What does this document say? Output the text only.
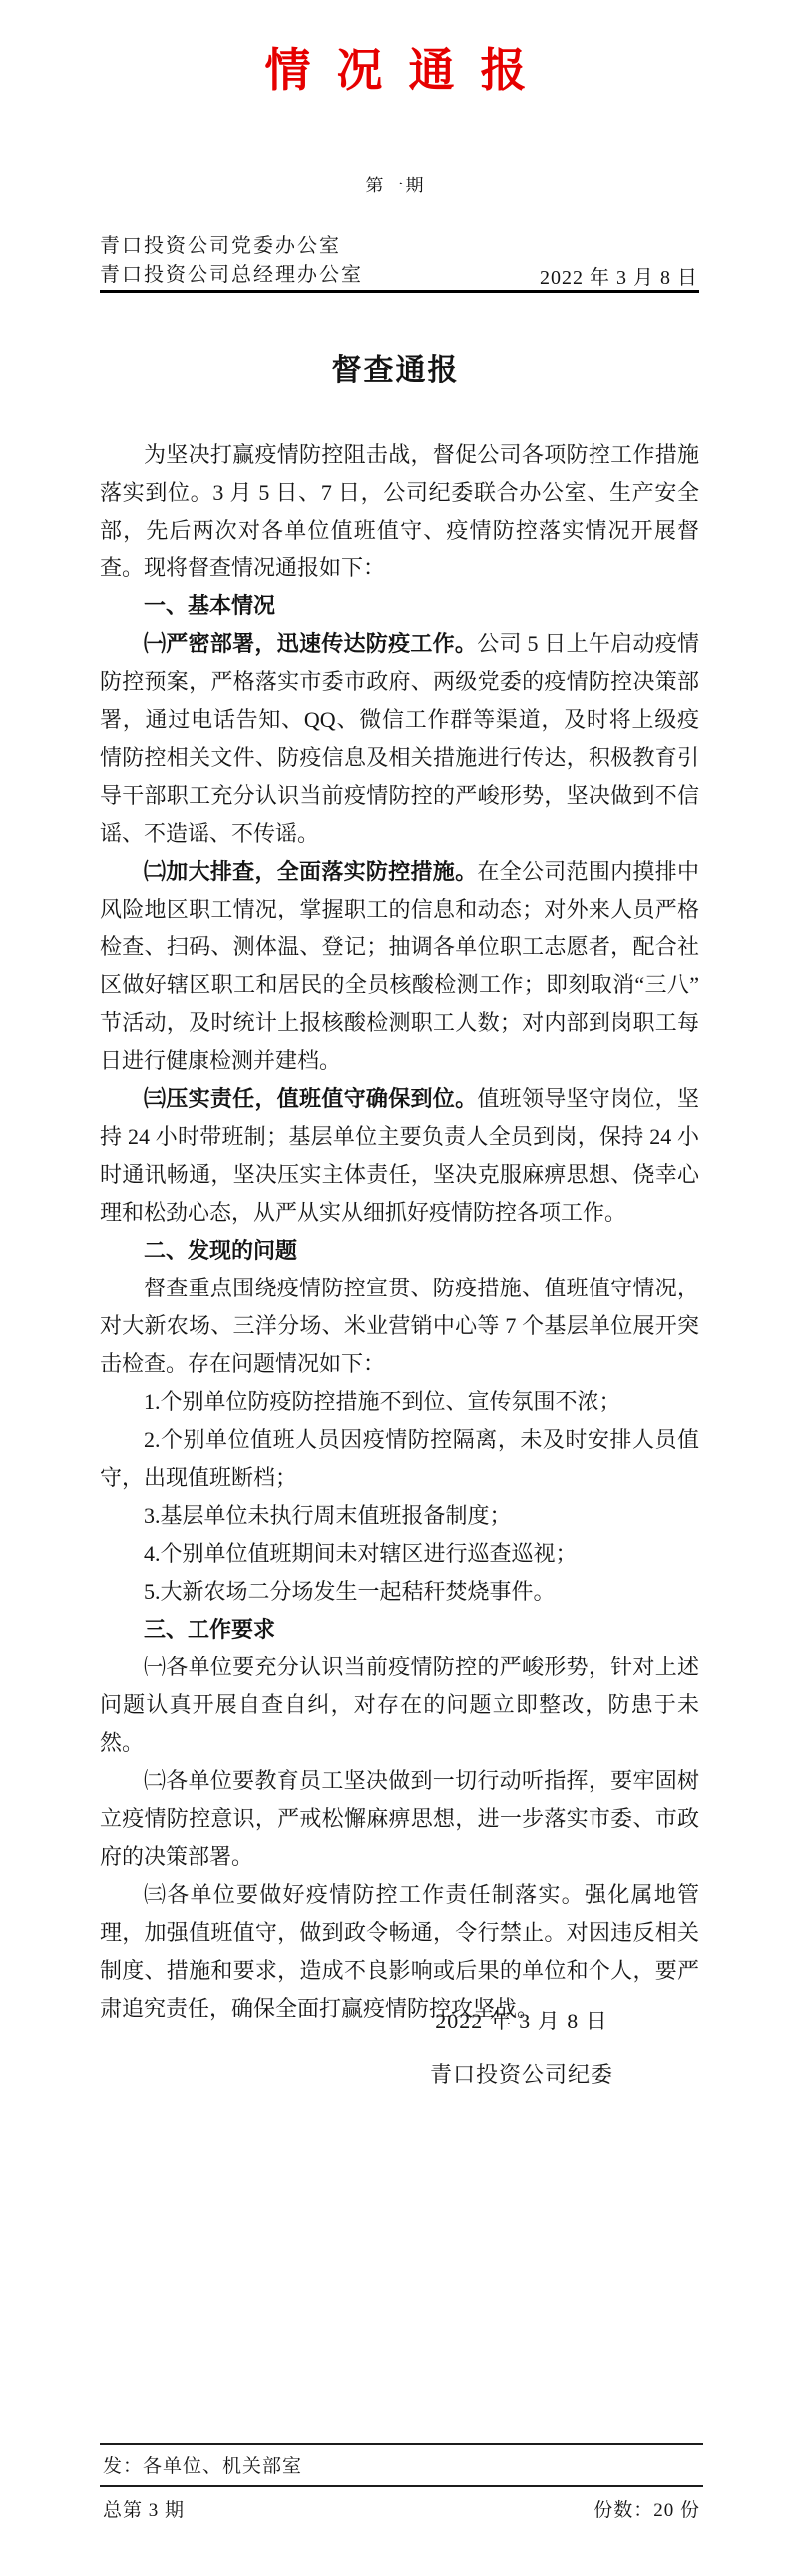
情况通报
第一期
青口投资公司党委办公室
青口投资公司总经理办公室	2022 年 3 月 8 日
督查通报

为坚决打赢疫情防控阻击战，督促公司各项防控工作措施落实到位。3 月 5 日、7 日，公司纪委联合办公室、生产安全部，先后两次对各单位值班值守、疫情防控落实情况开展督查。现将督查情况通报如下：

一、基本情况

㈠严密部署，迅速传达防疫工作。公司 5 日上午启动疫情防控预案，严格落实市委市政府、两级党委的疫情防控决策部署，通过电话告知、QQ、微信工作群等渠道，及时将上级疫情防控相关文件、防疫信息及相关措施进行传达，积极教育引导干部职工充分认识当前疫情防控的严峻形势，坚决做到不信谣、不造谣、不传谣。

㈡加大排查，全面落实防控措施。在全公司范围内摸排中风险地区职工情况，掌握职工的信息和动态；对外来人员严格检查、扫码、测体温、登记；抽调各单位职工志愿者，配合社区做好辖区职工和居民的全员核酸检测工作；即刻取消“三八”节活动，及时统计上报核酸检测职工人数；对内部到岗职工每日进行健康检测并建档。

㈢压实责任，值班值守确保到位。值班领导坚守岗位，坚持 24 小时带班制；基层单位主要负责人全员到岗，保持 24 小时通讯畅通，坚决压实主体责任，坚决克服麻痹思想、侥幸心理和松劲心态，从严从实从细抓好疫情防控各项工作。

二、发现的问题

督查重点围绕疫情防控宣贯、防疫措施、值班值守情况，对大新农场、三洋分场、米业营销中心等 7 个基层单位展开突击检查。存在问题情况如下：

1.个别单位防疫防控措施不到位、宣传氛围不浓；

2.个别单位值班人员因疫情防控隔离，未及时安排人员值守，出现值班断档；

3.基层单位未执行周末值班报备制度；

4.个别单位值班期间未对辖区进行巡查巡视；

5.大新农场二分场发生一起秸秆焚烧事件。

三、工作要求

㈠各单位要充分认识当前疫情防控的严峻形势，针对上述问题认真开展自查自纠，对存在的问题立即整改，防患于未然。

㈡各单位要教育员工坚决做到一切行动听指挥，要牢固树立疫情防控意识，严戒松懈麻痹思想，进一步落实市委、市政府的决策部署。

㈢各单位要做好疫情防控工作责任制落实。强化属地管理，加强值班值守，做到政令畅通，令行禁止。对因违反相关制度、措施和要求，造成不良影响或后果的单位和个人，要严肃追究责任，确保全面打赢疫情防控攻坚战。

2022 年 3 月 8 日
青口投资公司纪委
发：各单位、机关部室
总第 3 期	份数：20 份
